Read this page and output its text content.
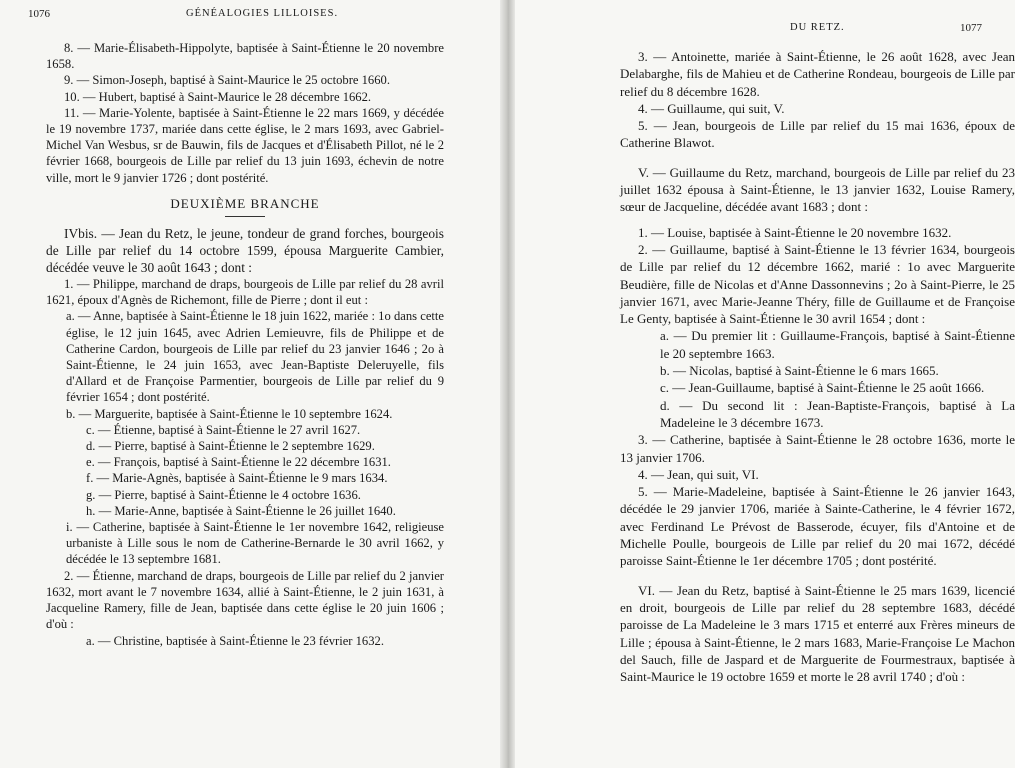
1076	GÉNÉALOGIES LILLOISES.

8. — Marie-Élisabeth-Hippolyte, baptisée à Saint-Étienne le 20 novembre 1658.

9. — Simon-Joseph, baptisé à Saint-Maurice le 25 octobre 1660.

10. — Hubert, baptisé à Saint-Maurice le 28 décembre 1662.

11. — Marie-Yolente, baptisée à Saint-Étienne le 22 mars 1669, y décédée le 19 novembre 1737, mariée dans cette église, le 2 mars 1693, avec Gabriel-Michel Van Wesbus, sr de Bauwin, fils de Jacques et d'Élisabeth Pillot, né le 2 février 1668, bourgeois de Lille par relief du 13 juin 1693, échevin de notre ville, mort le 9 janvier 1726 ; dont postérité.

DEUXIÈME BRANCHE

IVbis. — Jean du Retz, le jeune, tondeur de grand forches, bourgeois de Lille par relief du 14 octobre 1599, épousa Marguerite Cambier, décédée veuve le 30 août 1643 ; dont :

1. — Philippe, marchand de draps, bourgeois de Lille par relief du 28 avril 1621, époux d'Agnès de Richemont, fille de Pierre ; dont il eut :

a. — Anne, baptisée à Saint-Étienne le 18 juin 1622, mariée : 1o dans cette église, le 12 juin 1645, avec Adrien Lemieuvre, fils de Philippe et de Catherine Cardon, bourgeois de Lille par relief du 23 janvier 1646 ; 2o à Saint-Étienne, le 24 juin 1653, avec Jean-Baptiste Deleruyelle, fils d'Allard et de Françoise Parmentier, bourgeois de Lille par relief du 9 février 1654 ; dont postérité.

b. — Marguerite, baptisée à Saint-Étienne le 10 septembre 1624.

c. — Étienne, baptisé à Saint-Étienne le 27 avril 1627.

d. — Pierre, baptisé à Saint-Étienne le 2 septembre 1629.

e. — François, baptisé à Saint-Étienne le 22 décembre 1631.

f. — Marie-Agnès, baptisée à Saint-Étienne le 9 mars 1634.

g. — Pierre, baptisé à Saint-Étienne le 4 octobre 1636.

h. — Marie-Anne, baptisée à Saint-Étienne le 26 juillet 1640.

i. — Catherine, baptisée à Saint-Étienne le 1er novembre 1642, religieuse urbaniste à Lille sous le nom de Catherine-Bernarde le 30 avril 1662, y décédée le 13 septembre 1681.

2. — Étienne, marchand de draps, bourgeois de Lille par relief du 2 janvier 1632, mort avant le 7 novembre 1634, allié à Saint-Étienne, le 2 juin 1631, à Jacqueline Ramery, fille de Jean, baptisée dans cette église le 20 juin 1606 ; d'où :

a. — Christine, baptisée à Saint-Étienne le 23 février 1632.

DU RETZ.	1077

3. — Antoinette, mariée à Saint-Étienne, le 26 août 1628, avec Jean Delabarghe, fils de Mahieu et de Catherine Rondeau, bourgeois de Lille par relief du 8 décembre 1628.

4. — Guillaume, qui suit, V.

5. — Jean, bourgeois de Lille par relief du 15 mai 1636, époux de Catherine Blawot.

V. — Guillaume du Retz, marchand, bourgeois de Lille par relief du 23 juillet 1632 épousa à Saint-Étienne, le 13 janvier 1632, Louise Ramery, sœur de Jacqueline, décédée avant 1683 ; dont :

1. — Louise, baptisée à Saint-Étienne le 20 novembre 1632.

2. — Guillaume, baptisé à Saint-Étienne le 13 février 1634, bourgeois de Lille par relief du 12 décembre 1662, marié : 1o avec Marguerite Beudière, fille de Nicolas et d'Anne Dassonnevins ; 2o à Saint-Pierre, le 25 janvier 1671, avec Marie-Jeanne Théry, fille de Guillaume et de Françoise Le Genty, baptisée à Saint-Étienne le 30 avril 1654 ; dont :

a. — Du premier lit : Guillaume-François, baptisé à Saint-Étienne le 20 septembre 1663.

b. — Nicolas, baptisé à Saint-Étienne le 6 mars 1665.

c. — Jean-Guillaume, baptisé à Saint-Étienne le 25 août 1666.

d. — Du second lit : Jean-Baptiste-François, baptisé à La Madeleine le 3 décembre 1673.

3. — Catherine, baptisée à Saint-Étienne le 28 octobre 1636, morte le 13 janvier 1706.

4. — Jean, qui suit, VI.

5. — Marie-Madeleine, baptisée à Saint-Étienne le 26 janvier 1643, décédée le 29 janvier 1706, mariée à Sainte-Catherine, le 4 février 1672, avec Ferdinand Le Prévost de Basserode, écuyer, fils d'Antoine et de Michelle Poulle, bourgeois de Lille par relief du 20 mai 1672, décédé paroisse Saint-Étienne le 1er décembre 1705 ; dont postérité.

VI. — Jean du Retz, baptisé à Saint-Étienne le 25 mars 1639, licencié en droit, bourgeois de Lille par relief du 28 septembre 1683, décédé paroisse de La Madeleine le 3 mars 1715 et enterré aux Frères mineurs de Lille ; épousa à Saint-Étienne, le 2 mars 1683, Marie-Françoise Le Machon del Sauch, fille de Jaspard et de Marguerite de Fourmestraux, baptisée à Saint-Maurice le 19 octobre 1659 et morte le 28 avril 1740 ; d'où :
